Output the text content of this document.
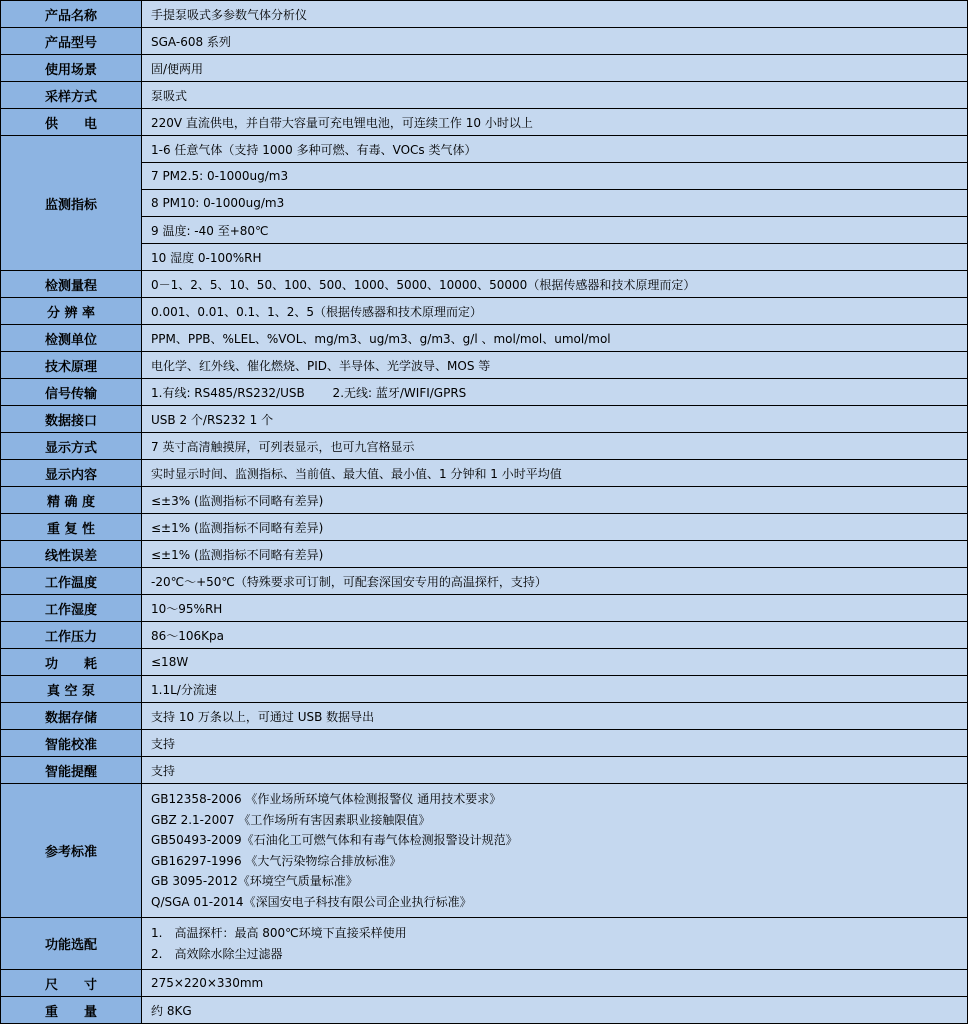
产品名称	手提泵吸式多参数气体分析仪
产品型号	SGA-608 系列
使用场景	固/便两用
采样方式	泵吸式
供　　电	220V 直流供电，并自带大容量可充电锂电池，可连续工作 10 小时以上
监测指标	1-6 任意气体（支持 1000 多种可燃、有毒、VOCs 类气体）
	7 PM2.5: 0-1000ug/m3
	8 PM10: 0-1000ug/m3
	9 温度: -40 至+80℃
	10 湿度 0-100%RH
检测量程	0－1、2、5、10、50、100、500、1000、5000、10000、50000（根据传感器和技术原理而定）
分 辨 率	0.001、0.01、0.1、1、2、5（根据传感器和技术原理而定）
检测单位	PPM、PPB、%LEL、%VOL、mg/m3、ug/m3、g/m3、g/l 、mol/mol、umol/mol
技术原理	电化学、红外线、催化燃烧、PID、半导体、光学波导、MOS 等
信号传输	1.有线: RS485/RS232/USB　　 2.无线: 蓝牙/WIFI/GPRS
数据接口	USB 2 个/RS232 1 个
显示方式	7 英寸高清触摸屏，可列表显示，也可九宫格显示
显示内容	实时显示时间、监测指标、当前值、最大值、最小值、1 分钟和 1 小时平均值
精 确 度	≤±3% (监测指标不同略有差异)
重 复 性	≤±1% (监测指标不同略有差异)
线性误差	≤±1% (监测指标不同略有差异)
工作温度	-20℃～+50℃（特殊要求可订制，可配套深国安专用的高温探杆，支持）
工作湿度	10～95%RH
工作压力	86～106Kpa
功　　耗	≤18W
真 空 泵	1.1L/分流速
数据存储	支持 10 万条以上，可通过 USB 数据导出
智能校准	支持
智能提醒	支持
参考标准	
GB12358-2006 《作业场所环境气体检测报警仪 通用技术要求》
GBZ 2.1-2007 《工作场所有害因素职业接触限值》
GB50493-2009《石油化工可燃气体和有毒气体检测报警设计规范》
GB16297-1996 《大气污染物综合排放标准》
GB 3095-2012《环境空气质量标准》
Q/SGA 01-2014《深国安电子科技有限公司企业执行标准》

功能选配	1.　高温探杆：最高 800℃环境下直接采样使用
2.　高效除水除尘过滤器

尺　　寸	275×220×330mm
重　　量	约 8KG
